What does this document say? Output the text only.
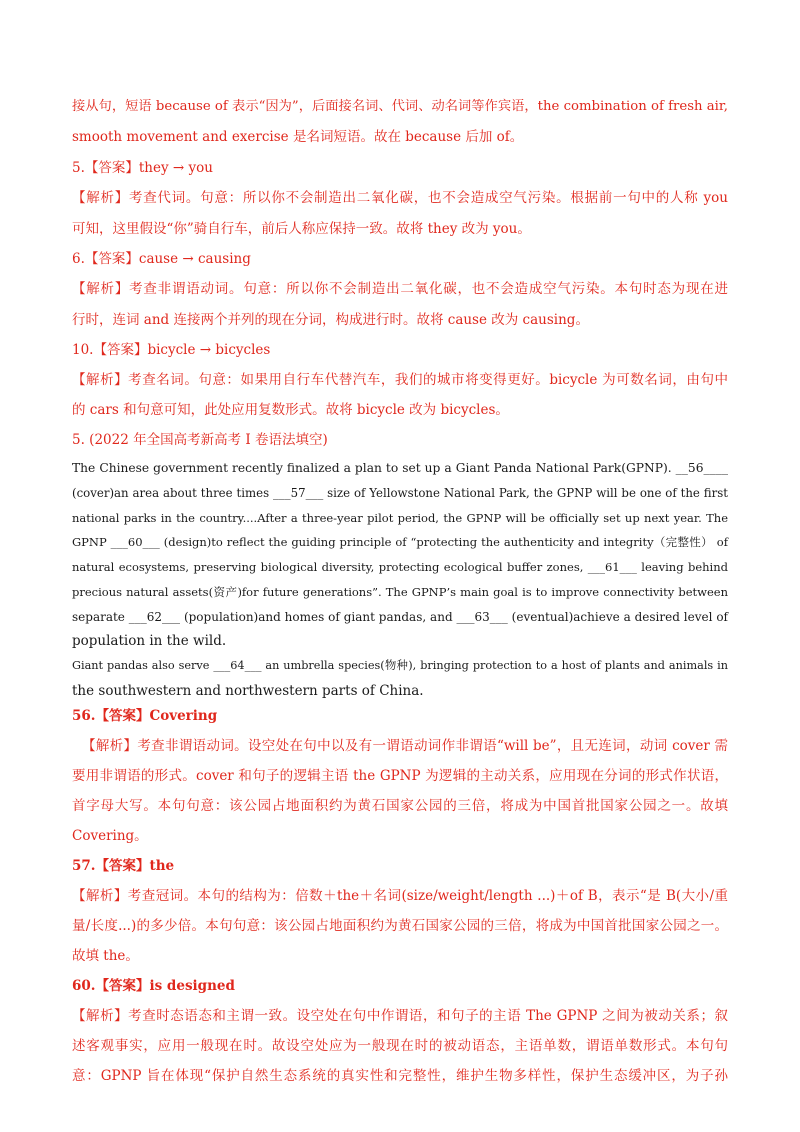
接从句，短语 because of 表示“因为”，后面接名词、代词、动名词等作宾语，the combination of fresh air,
smooth movement and exercise 是名词短语。故在 because 后加 of。
5.【答案】they → you
【解析】考查代词。句意：所以你不会制造出二氧化碳，也不会造成空气污染。根据前一句中的人称 you
可知，这里假设“你”骑自行车，前后人称应保持一致。故将 they 改为 you。
6.【答案】cause → causing
【解析】考查非谓语动词。句意：所以你不会制造出二氧化碳，也不会造成空气污染。本句时态为现在进
行时，连词 and 连接两个并列的现在分词，构成进行时。故将 cause 改为 causing。
10.【答案】bicycle → bicycles
【解析】考查名词。句意：如果用自行车代替汽车，我们的城市将变得更好。bicycle 为可数名词，由句中
的 cars 和句意可知，此处应用复数形式。故将 bicycle 改为 bicycles。
5. (2022 年全国高考新高考 I 卷语法填空)
The Chinese government recently finalized a plan to set up a Giant Panda National Park(GPNP). __56____
(cover)an area about three times ___57___ size of Yellowstone National Park, the GPNP will be one of the first
national parks in the country....After a three-year pilot period, the GPNP will be officially set up next year. The
GPNP ___60___ (design)to reflect the guiding principle of “protecting the authenticity and integrity（完整性） of
natural ecosystems, preserving biological diversity, protecting ecological buffer zones, ___61___ leaving behind
precious natural assets(资产)for future generations”. The GPNP’s main goal is to improve connectivity between
separate ___62___ (population)and homes of giant pandas, and ___63___ (eventual)achieve a desired level of
population in the wild.
Giant pandas also serve ___64___ an umbrella species(物种), bringing protection to a host of plants and animals in
the southwestern and northwestern parts of China.
56.【答案】Covering
【解析】考查非谓语动词。设空处在句中以及有一谓语动词作非谓语“will be”，且无连词，动词 cover 需
要用非谓语的形式。cover 和句子的逻辑主语 the GPNP 为逻辑的主动关系，应用现在分词的形式作状语，
首字母大写。本句句意：该公园占地面积约为黄石国家公园的三倍，将成为中国首批国家公园之一。故填
Covering。
57.【答案】the
【解析】考查冠词。本句的结构为：倍数＋the＋名词(size/weight/length ...)＋of B，表示“是 B(大小/重
量/长度...)的多少倍。本句句意：该公园占地面积约为黄石国家公园的三倍，将成为中国首批国家公园之一。
故填 the。
60.【答案】is designed
【解析】考查时态语态和主谓一致。设空处在句中作谓语，和句子的主语 The GPNP 之间为被动关系；叙
述客观事实，应用一般现在时。故设空处应为一般现在时的被动语态，主语单数，谓语单数形式。本句句
意：GPNP 旨在体现“保护自然生态系统的真实性和完整性，维护生物多样性，保护生态缓冲区，为子孙
